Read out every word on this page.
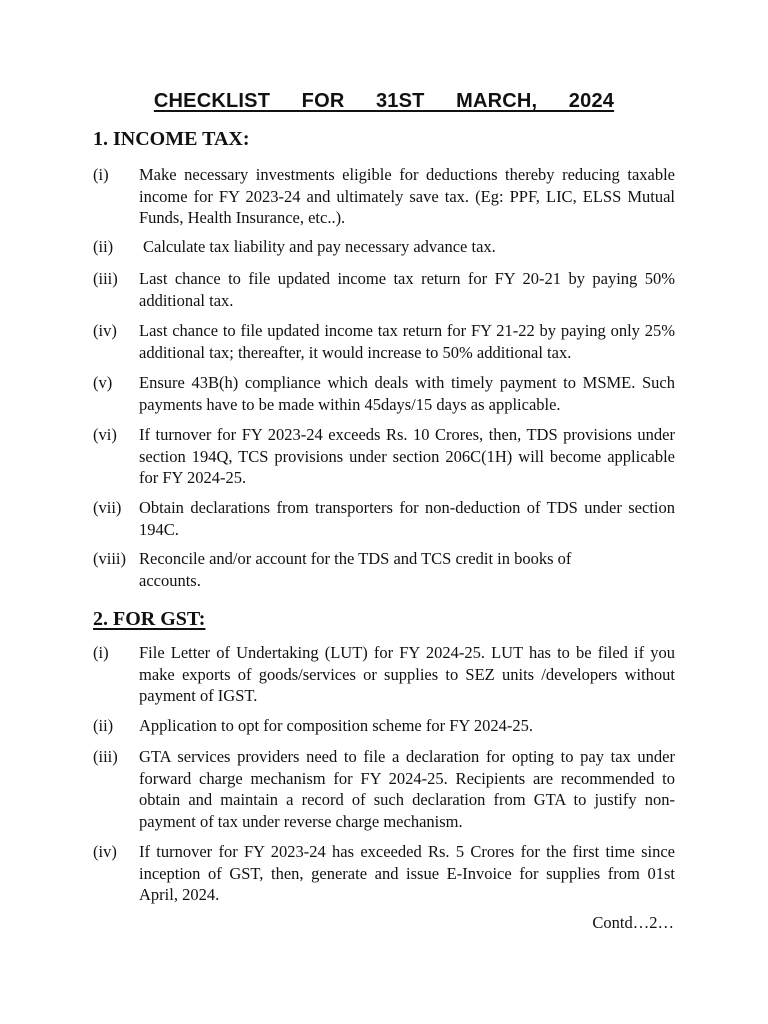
CHECKLIST  FOR  31ST  MARCH,  2024
1. INCOME TAX:
(i) Make necessary investments eligible for deductions thereby reducing taxable income for FY 2023-24 and ultimately save tax. (Eg: PPF, LIC, ELSS Mutual Funds, Health Insurance, etc..).
(ii) Calculate tax liability and pay necessary advance tax.
(iii) Last chance to file updated income tax return for FY 20-21 by paying 50% additional tax.
(iv) Last chance to file updated income tax return for FY 21-22 by paying only 25% additional tax; thereafter, it would increase to 50% additional tax.
(v) Ensure 43B(h) compliance which deals with timely payment to MSME. Such payments have to be made within 45days/15 days as applicable.
(vi) If turnover for FY 2023-24 exceeds Rs. 10 Crores, then, TDS provisions under section 194Q, TCS provisions under section 206C(1H) will become applicable for FY 2024-25.
(vii) Obtain declarations from transporters for non-deduction of TDS under section 194C.
(viii) Reconcile and/or account for the TDS and TCS credit in books of accounts.
2. FOR GST:
(i) File Letter of Undertaking (LUT) for FY 2024-25. LUT has to be filed if you make exports of goods/services or supplies to SEZ units /developers without payment of IGST.
(ii) Application to opt for composition scheme for FY 2024-25.
(iii) GTA services providers need to file a declaration for opting to pay tax under forward charge mechanism for FY 2024-25. Recipients are recommended to obtain and maintain a record of such declaration from GTA to justify non-payment of tax under reverse charge mechanism.
(iv) If turnover for FY 2023-24 has exceeded Rs. 5 Crores for the first time since inception of GST, then, generate and issue E-Invoice for supplies from 01st April, 2024.
Contd…2…
